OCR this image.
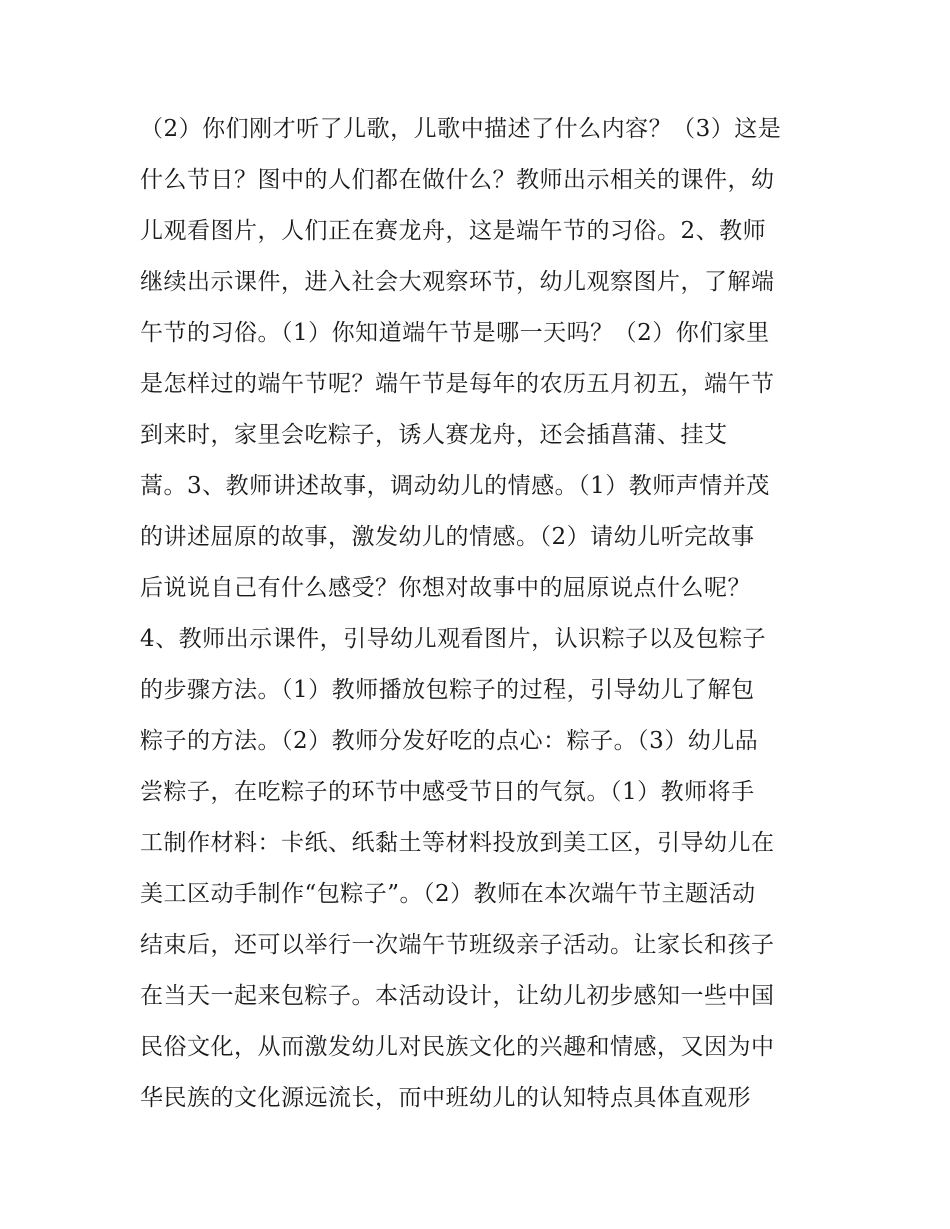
（2）你们刚才听了儿歌，儿歌中描述了什么内容？（3）这是
什么节日？图中的人们都在做什么？教师出示相关的课件，幼
儿观看图片，人们正在赛龙舟，这是端午节的习俗。2、教师
继续出示课件，进入社会大观察环节，幼儿观察图片，了解端
午节的习俗。（1）你知道端午节是哪一天吗？（2）你们家里
是怎样过的端午节呢？端午节是每年的农历五月初五，端午节
到来时，家里会吃粽子，诱人赛龙舟，还会插菖蒲、挂艾
蒿。3、教师讲述故事，调动幼儿的情感。（1）教师声情并茂
的讲述屈原的故事，激发幼儿的情感。（2）请幼儿听完故事
后说说自己有什么感受？你想对故事中的屈原说点什么呢？
4、教师出示课件，引导幼儿观看图片，认识粽子以及包粽子
的步骤方法。（1）教师播放包粽子的过程，引导幼儿了解包
粽子的方法。（2）教师分发好吃的点心：粽子。（3）幼儿品
尝粽子，在吃粽子的环节中感受节日的气氛。（1）教师将手
工制作材料：卡纸、纸黏土等材料投放到美工区，引导幼儿在
美工区动手制作“包粽子”。（2）教师在本次端午节主题活动
结束后，还可以举行一次端午节班级亲子活动。让家长和孩子
在当天一起来包粽子。本活动设计，让幼儿初步感知一些中国
民俗文化，从而激发幼儿对民族文化的兴趣和情感，又因为中
华民族的文化源远流长，而中班幼儿的认知特点具体直观形
